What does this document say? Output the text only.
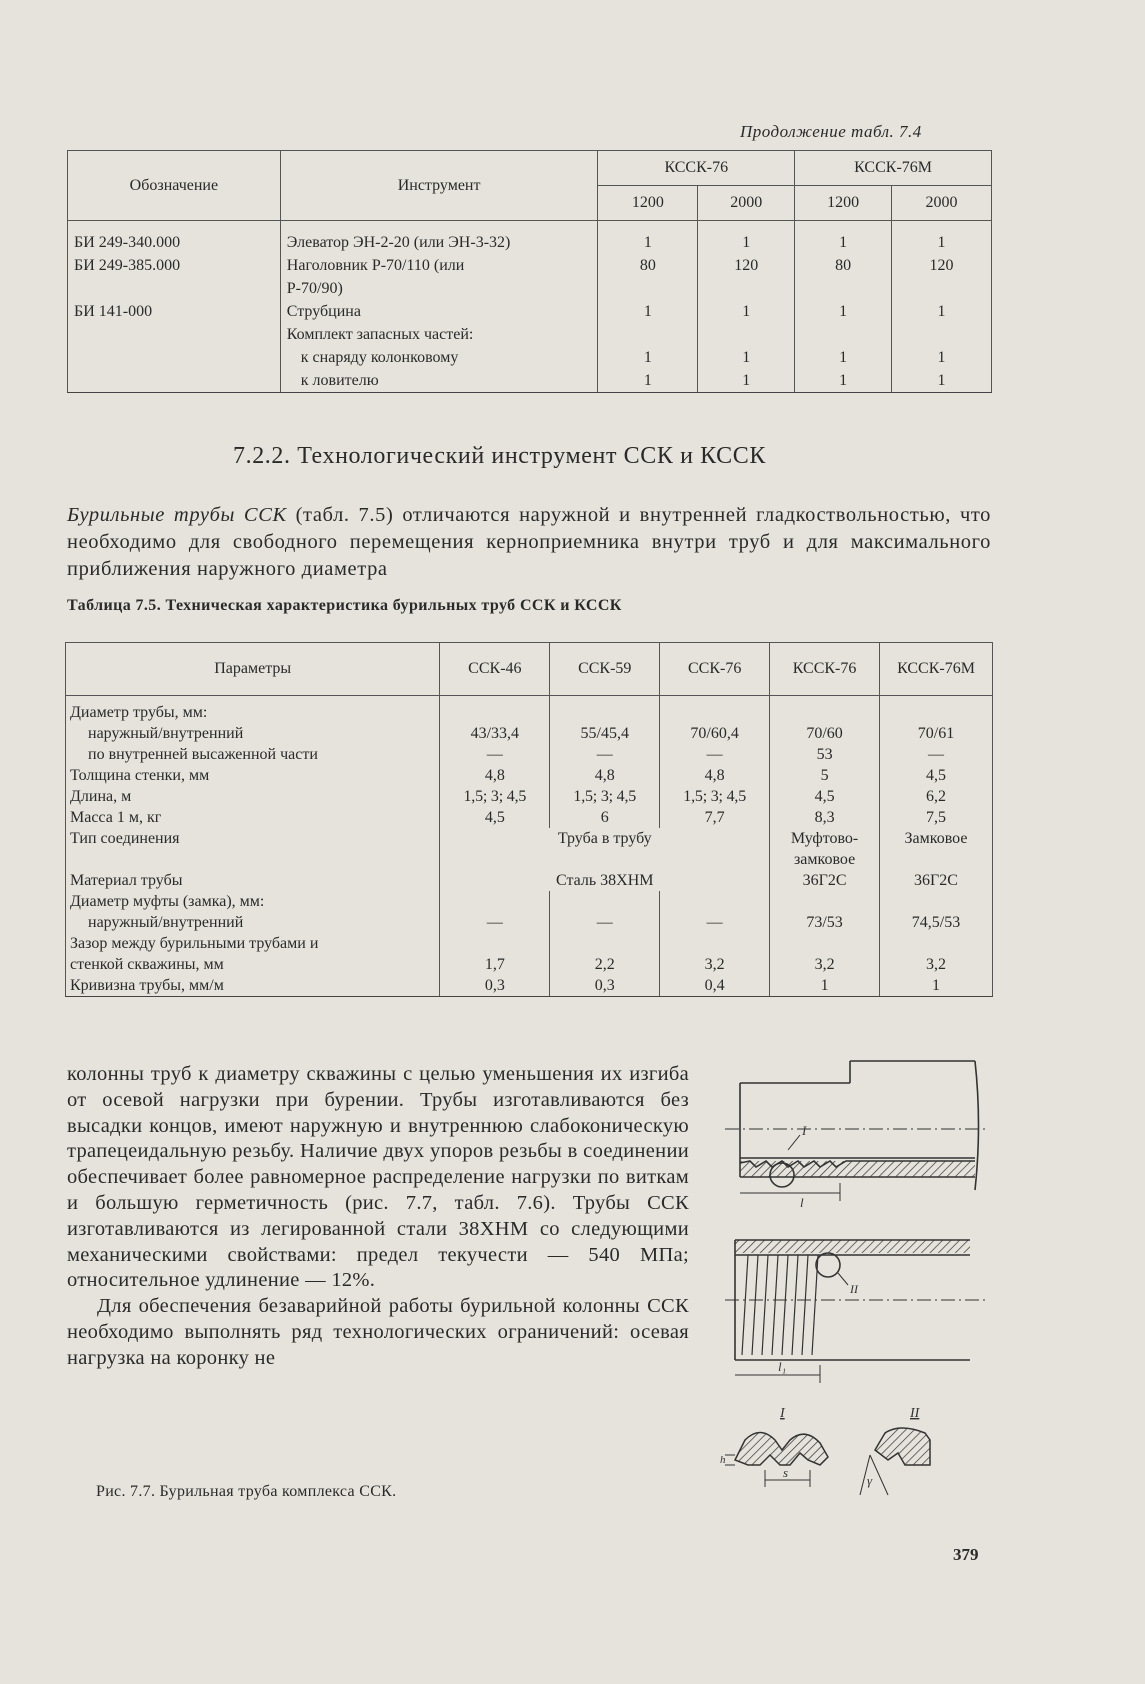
Продолжение табл. 7.4
Обозначение	Инструмент	КССК-76		КССК-76М	
		1200	2000	1200	2000
БИ 249-340.000	Элеватор ЭН-2-20 (или ЭН-3-32)	1	1	1	1
БИ 249-385.000	Наголовник Р-70/110 (или	80	120	80	120
	Р-70/90)				
БИ 141-000	Струбцина	1	1	1	1
	Комплект запасных частей:				
	к снаряду колонковому	1	1	1	1
	к ловителю	1	1	1	1
7.2.2. Технологический инструмент ССК и КССК
Бурильные трубы ССК (табл. 7.5) отличаются наружной и внутренней гладкоствольностью, что необходимо для свободного перемещения керноприемника внутри труб и для максимального приближения наружного диаметра
Таблица 7.5. Техническая характеристика бурильных труб ССК и КССК
Параметры	ССК-46	ССК-59	ССК-76	КССК-76	КССК-76М
Диаметр трубы, мм:					
наружный/внутренний	43/33,4	55/45,4	70/60,4	70/60	70/61
по внутренней высаженной части	—	—	—	53	—
Толщина стенки, мм	4,8	4,8	4,8	5	4,5
Длина, м	1,5; 3; 4,5	1,5; 3; 4,5	1,5; 3; 4,5	4,5	6,2
Масса 1 м, кг	4,5	6	7,7	8,3	7,5
Тип соединения	Труба в трубу			Муфтово-	Замковое
				замковое	
Материал трубы	Сталь 38ХНМ			36Г2С	36Г2С
Диаметр муфты (замка), мм:					
наружный/внутренний	—	—	—	73/53	74,5/53
Зазор между бурильными трубами и					
стенкой скважины, мм	1,7	2,2	3,2	3,2	3,2
Кривизна трубы, мм/м	0,3	0,3	0,4	1	1

колонны труб к диаметру скважины с целью уменьшения их изгиба от осевой нагрузки при бурении. Трубы изготавливаются без высадки концов, имеют наружную и внутреннюю слабоконическую трапецеидальную резьбу. Наличие двух упоров резьбы в соединении обеспечивает более равномерное распределение нагрузки по виткам и большую герметичность (рис. 7.7, табл. 7.6). Трубы ССК изготавливаются из легированной стали 38ХНМ со следующими механическими свойствами: предел текучести — 540 МПа; относительное удлинение — 12%.

Для обеспечения безаварийной работы бурильной колонны ССК необходимо выполнять ряд технологических ограничений: осевая нагрузка на коронку не

I
l
II
l₁
I	II
h
s
γ
Рис. 7.7. Бурильная труба комплекса ССК.
379
